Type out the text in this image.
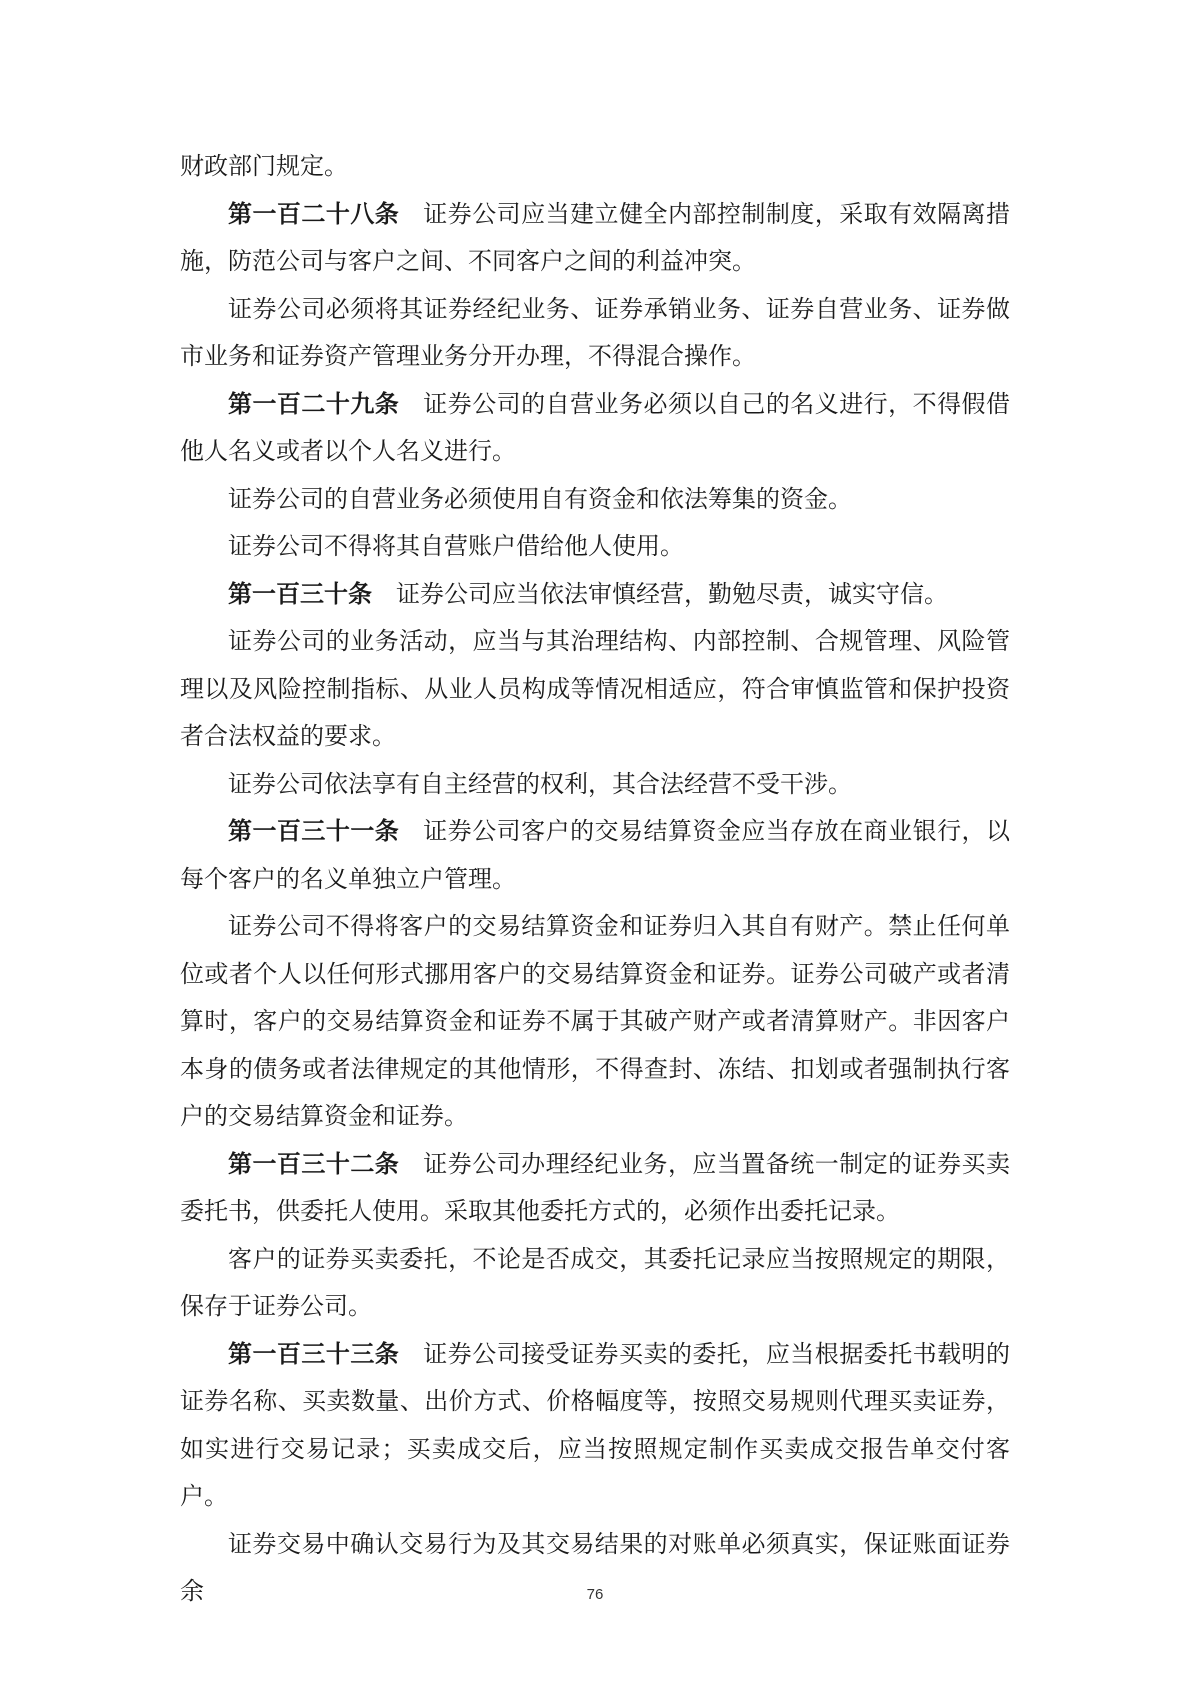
财政部门规定。

第一百二十八条 证券公司应当建立健全内部控制制度，采取有效隔离措施，防范公司与客户之间、不同客户之间的利益冲突。

证券公司必须将其证券经纪业务、证券承销业务、证券自营业务、证券做市业务和证券资产管理业务分开办理，不得混合操作。

第一百二十九条 证券公司的自营业务必须以自己的名义进行，不得假借他人名义或者以个人名义进行。

证券公司的自营业务必须使用自有资金和依法筹集的资金。

证券公司不得将其自营账户借给他人使用。

第一百三十条 证券公司应当依法审慎经营，勤勉尽责，诚实守信。

证券公司的业务活动，应当与其治理结构、内部控制、合规管理、风险管理以及风险控制指标、从业人员构成等情况相适应，符合审慎监管和保护投资者合法权益的要求。

证券公司依法享有自主经营的权利，其合法经营不受干涉。

第一百三十一条 证券公司客户的交易结算资金应当存放在商业银行，以每个客户的名义单独立户管理。

证券公司不得将客户的交易结算资金和证券归入其自有财产。禁止任何单位或者个人以任何形式挪用客户的交易结算资金和证券。证券公司破产或者清算时，客户的交易结算资金和证券不属于其破产财产或者清算财产。非因客户本身的债务或者法律规定的其他情形，不得查封、冻结、扣划或者强制执行客户的交易结算资金和证券。

第一百三十二条 证券公司办理经纪业务，应当置备统一制定的证券买卖委托书，供委托人使用。采取其他委托方式的，必须作出委托记录。

客户的证券买卖委托，不论是否成交，其委托记录应当按照规定的期限，保存于证券公司。

第一百三十三条 证券公司接受证券买卖的委托，应当根据委托书载明的证券名称、买卖数量、出价方式、价格幅度等，按照交易规则代理买卖证券，如实进行交易记录；买卖成交后，应当按照规定制作买卖成交报告单交付客户。

证券交易中确认交易行为及其交易结果的对账单必须真实，保证账面证券余	76
